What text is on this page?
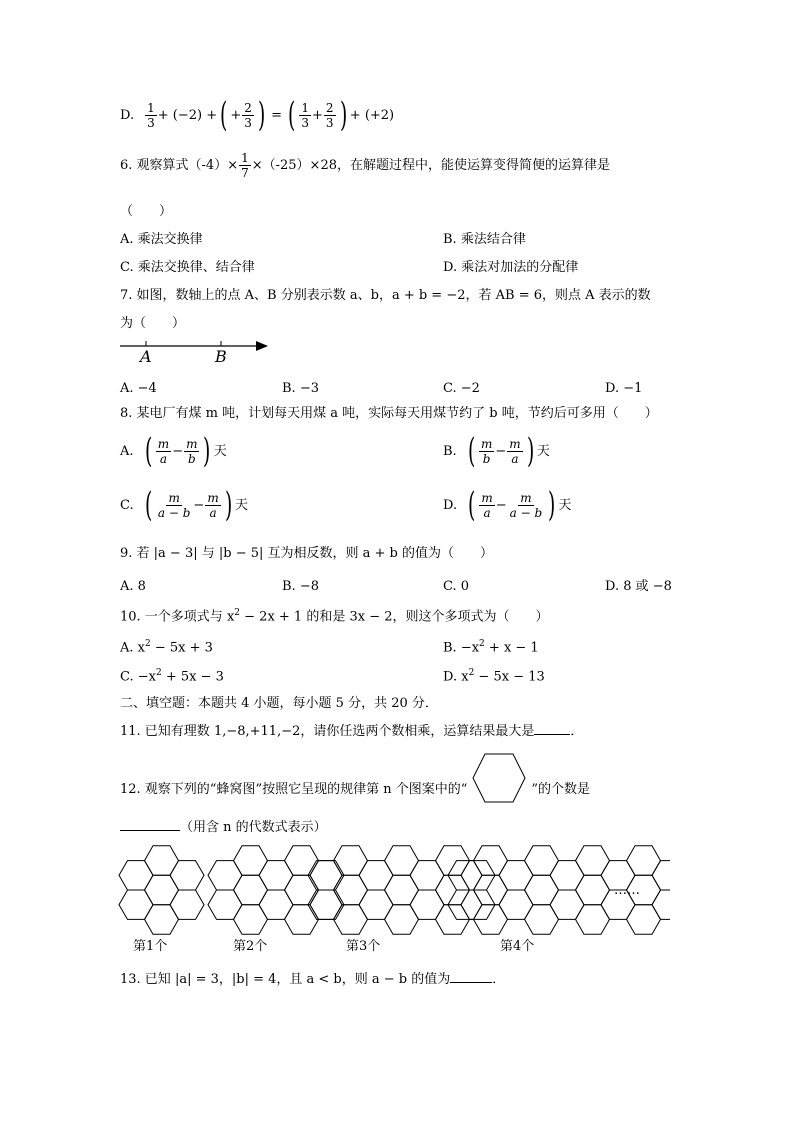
D. $\frac{1}{3} + (-2)$ + ( + $\frac{2}{3}$ ) = ( $\frac{1}{3} + \frac{2}{3}$ ) + (+2)
6. 观察算式$(-4)\times \frac{1}{7} \times(-25)\times 28$，在解题过程中，能使运算变得简便的运算律是
（　　）
A. 乘法交换律	B. 乘法结合律
C. 乘法交换律、结合律	D. 乘法对加法的分配律
7. 如图，数轴上的点 A、B 分别表示数 a、b，a + b = −2，若 AB = 6，则点 A 表示的数
为（　　）
A	B
A. −4	B. −3	C. −2	D. −1
8. 某电厂有煤 m 吨，计划每天用煤 a 吨，实际每天用煤节约了 b 吨，节约后可多用（　　）
A. ( $\frac{m}{a} - \frac{m}{b}$ ) 天	B. ( $\frac{m}{b} - \frac{m}{a}$ ) 天
C. ( $\frac{m}{a - b} - \frac{m}{a}$ ) 天	D. ( $\frac{m}{a} - \frac{m}{a - b}$ ) 天
9. 若 |a − 3| 与 |b − 5| 互为相反数，则 a + b 的值为（　　）
A. 8	B. −8	C. 0	D. 8 或 −8
10. 一个多项式与 $x^2 - 2x + 1$ 的和是 3x − 2，则这个多项式为（　　）
A. $x^2 - 5x + 3$	B. $-x^2 + x - 1$
C. $-x^2 + 5x - 3$	D. $x^2 - 5x - 13$
二、填空题：本题共 4 小题，每小题 5 分，共 20 分．
11. 已知有理数 1,−8,+11,−2，请你任选两个数相乘，运算结果最大是	．
12. 观察下列的“蜂窝图”按照它呈现的规律第 n 个图案中的“	”的个数是
（用含 n 的代数式表示）
第1个	第2个	第3个	第4个
……
13. 已知 |a| = 3，|b| = 4，且 a < b，则 a − b 的值为	．
